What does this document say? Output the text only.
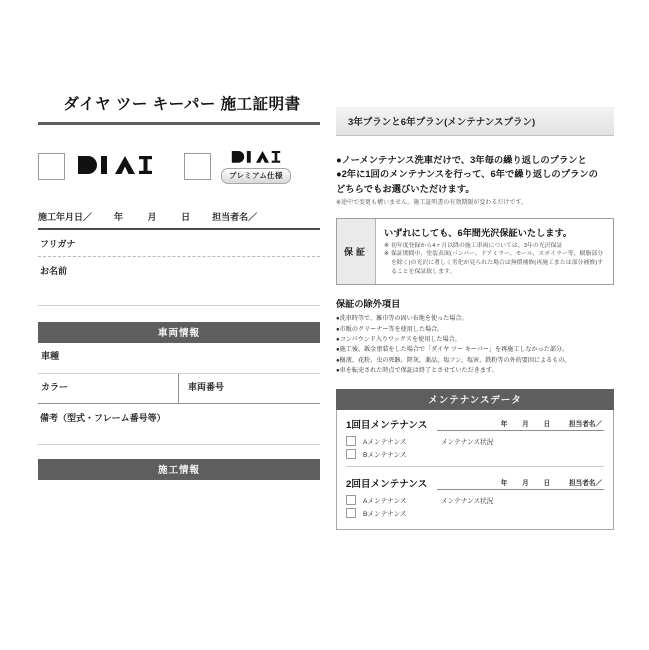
ダイヤ ツー キーパー 施工証明書
プレミアム仕様
施工年月日／ 年	月	日	担当者名／
フリガナ
お名前
車両情報
車種
カラー	車両番号
備考（型式・フレーム番号等）
施工情報
3年プランと6年プラン(メンテナンスプラン)
●ノーメンテナンス洗車だけで、3年毎の繰り返しのプランと
●2年に1回のメンテナンスを行って、6年で繰り返しのプランの
どちらでもお選びいただけます。
※途中で変更も構いません。施工証明書の有効期限が変わるだけです。
保証
いずれにしても、6年間光沢保証いたします。
※ 初年度登録から4ヶ月以降の施工車両については、3年の光沢保証
※ 保証期間中、塗装表面(バンパー、ドアミラー、モール、スポイラー等、樹脂部分を除く)の光沢に著しく劣化が見られた場合は無償補修(再施工または部分補修)することを保証致します。
保証の除外項目
●洗車時等で、雑巾等の固い布地を使った場合。
●市販のクリーナー等を使用した場合。
●コンパウンド入りワックスを使用した場合。
●施工後、鈑金塗装をした場合で「ダイヤ ツー キーパー」を再施工しなかった部分。
●樹液、花粉、虫の死骸、降灰、薬品、塩フン、塩害、鉄粉等の外的要因によるもの。
●車を転売された時点で保証は終了とさせていただきます。
メンテナンスデータ
1回目メンテナンス	年 月 日	担当者名／
Aメンテナンス	メンテナンス状況
Bメンテナンス
2回目メンテナンス	年 月 日	担当者名／
Aメンテナンス	メンテナンス状況
Bメンテナンス
